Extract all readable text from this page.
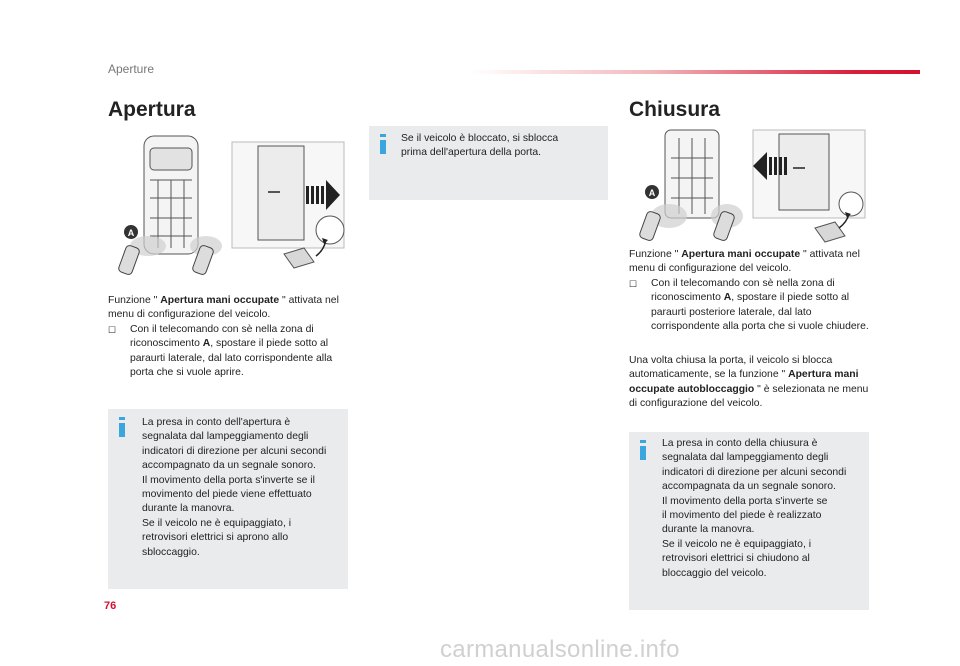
Aperture
Apertura
A
Funzione " Apertura mani occupate " attivata nel menu di configurazione del veicolo.
☐	Con il telecomando con sè nella zona di riconoscimento A, spostare il piede sotto al paraurti laterale, dal lato corrispondente alla porta che si vuole aprire.
La presa in conto dell'apertura è
segnalata dal lampeggiamento degli
indicatori di direzione per alcuni secondi
accompagnato da un segnale sonoro.
Il movimento della porta s'inverte se il
movimento del piede viene effettuato
durante la manovra.
Se il veicolo ne è equipaggiato, i
retrovisori elettrici si aprono allo
sbloccaggio.
Se il veicolo è bloccato, si sblocca
prima dell'apertura della porta.
Chiusura
A
Funzione " Apertura mani occupate " attivata nel menu di configurazione del veicolo.
☐	Con il telecomando con sè nella zona di riconoscimento A, spostare il piede sotto al paraurti posteriore laterale, dal lato corrispondente alla porta che si vuole chiudere.
Una volta chiusa la porta, il veicolo si blocca automaticamente, se la funzione " Apertura mani occupate autobloccaggio " è selezionata ne menu di configurazione del veicolo.
La presa in conto della chiusura è
segnalata dal lampeggiamento degli
indicatori di direzione per alcuni secondi
accompagnata da un segnale sonoro.
Il movimento della porta s'inverte se
il movimento del piede è realizzato
durante la manovra.
Se il veicolo ne è equipaggiato, i
retrovisori elettrici si chiudono al
bloccaggio del veicolo.
76
carmanualsonline.info
